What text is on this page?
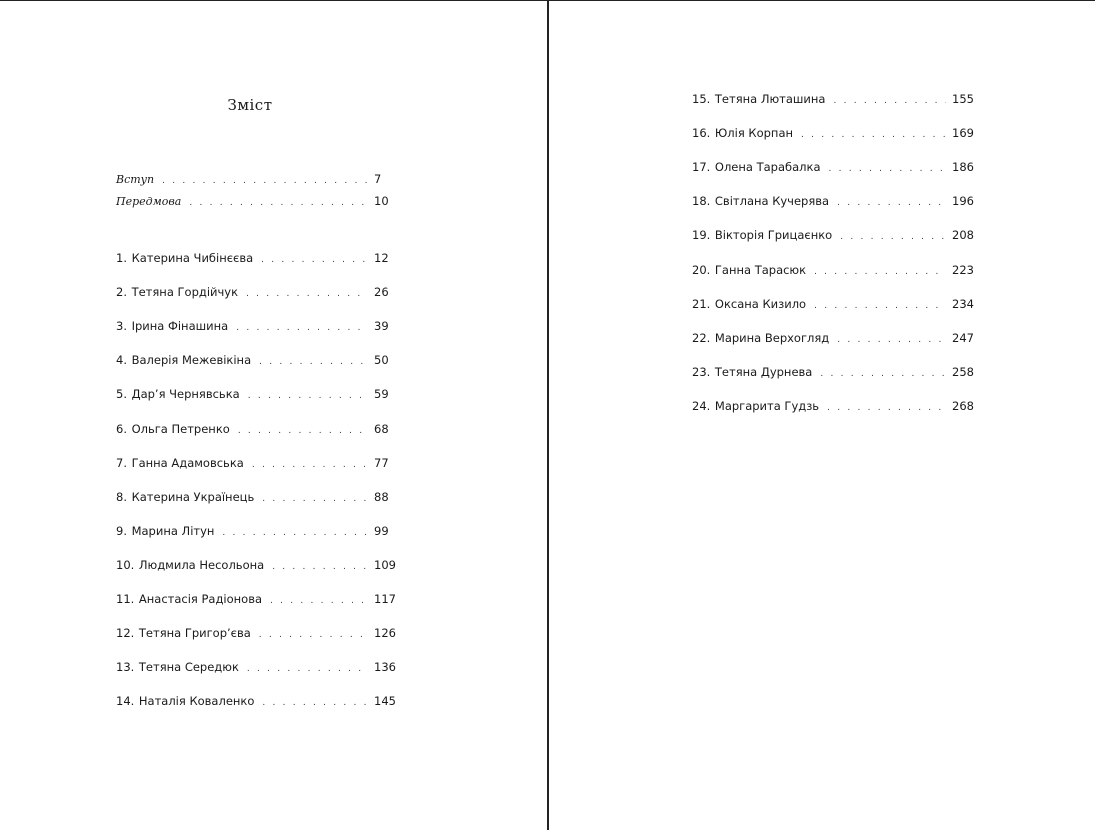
Зміст
Вступ . . .	7
Передмова . . .	10
1. Катерина Чибінєєва . . .	12
2. Тетяна Гордійчук . . .	26
3. Ірина Фінашина . . .	39
4. Валерія Межевікіна . . .	50
5. Дар’я Чернявська . . .	59
6. Ольга Петренко . . .	68
7. Ганна Адамовська . . .	77
8. Катерина Українець . . .	88
9. Марина Літун . . .	99
10. Людмила Несольона . . .	109
11. Анастасія Радіонова . . .	117
12. Тетяна Григор’єва . . .	126
13. Тетяна Середюк . . .	136
14. Наталія Коваленко . . .	145
15. Тетяна Люташина . . .	155
16. Юлія Корпан . . .	169
17. Олена Тарабалка . . .	186
18. Світлана Кучерява . . .	196
19. Вікторія Грицаєнко . . .	208
20. Ганна Тарасюк . . .	223
21. Оксана Кизило . . .	234
22. Марина Верхогляд . . .	247
23. Тетяна Дурнева . . .	258
24. Маргарита Гудзь . . .	268
